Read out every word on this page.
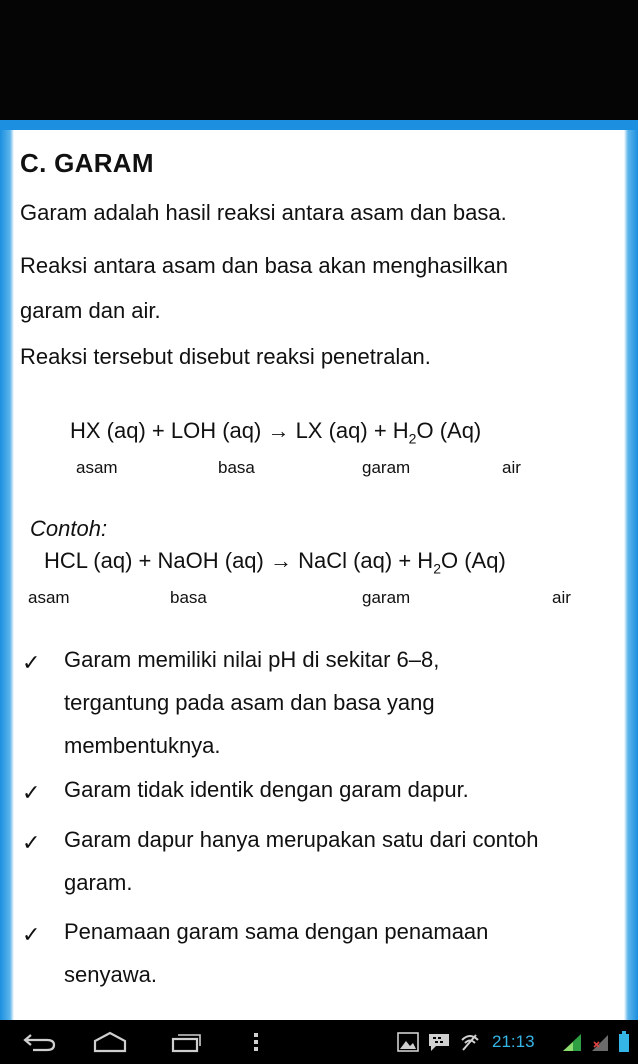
C. GARAM
Garam adalah hasil reaksi antara asam dan basa.
Reaksi antara asam dan basa akan menghasilkan
garam dan air.
Reaksi tersebut disebut reaksi penetralan.
HX (aq) + LOH (aq) → LX $(aq) + H_2O$ (Aq)
asam	basa	garam	air
Contoh:
HCL (aq) + NaOH (aq) → NaCl $(aq) + H_2O$ (Aq)
asam	basa	garam	air
✓ Garam memiliki nilai pH di sekitar 6–8,
tergantung pada asam dan basa yang
membentuknya.
✓ Garam tidak identik dengan garam dapur.
✓ Garam dapur hanya merupakan satu dari contoh
garam.
✓ Penamaan garam sama dengan penamaan
senyawa.
21:13
